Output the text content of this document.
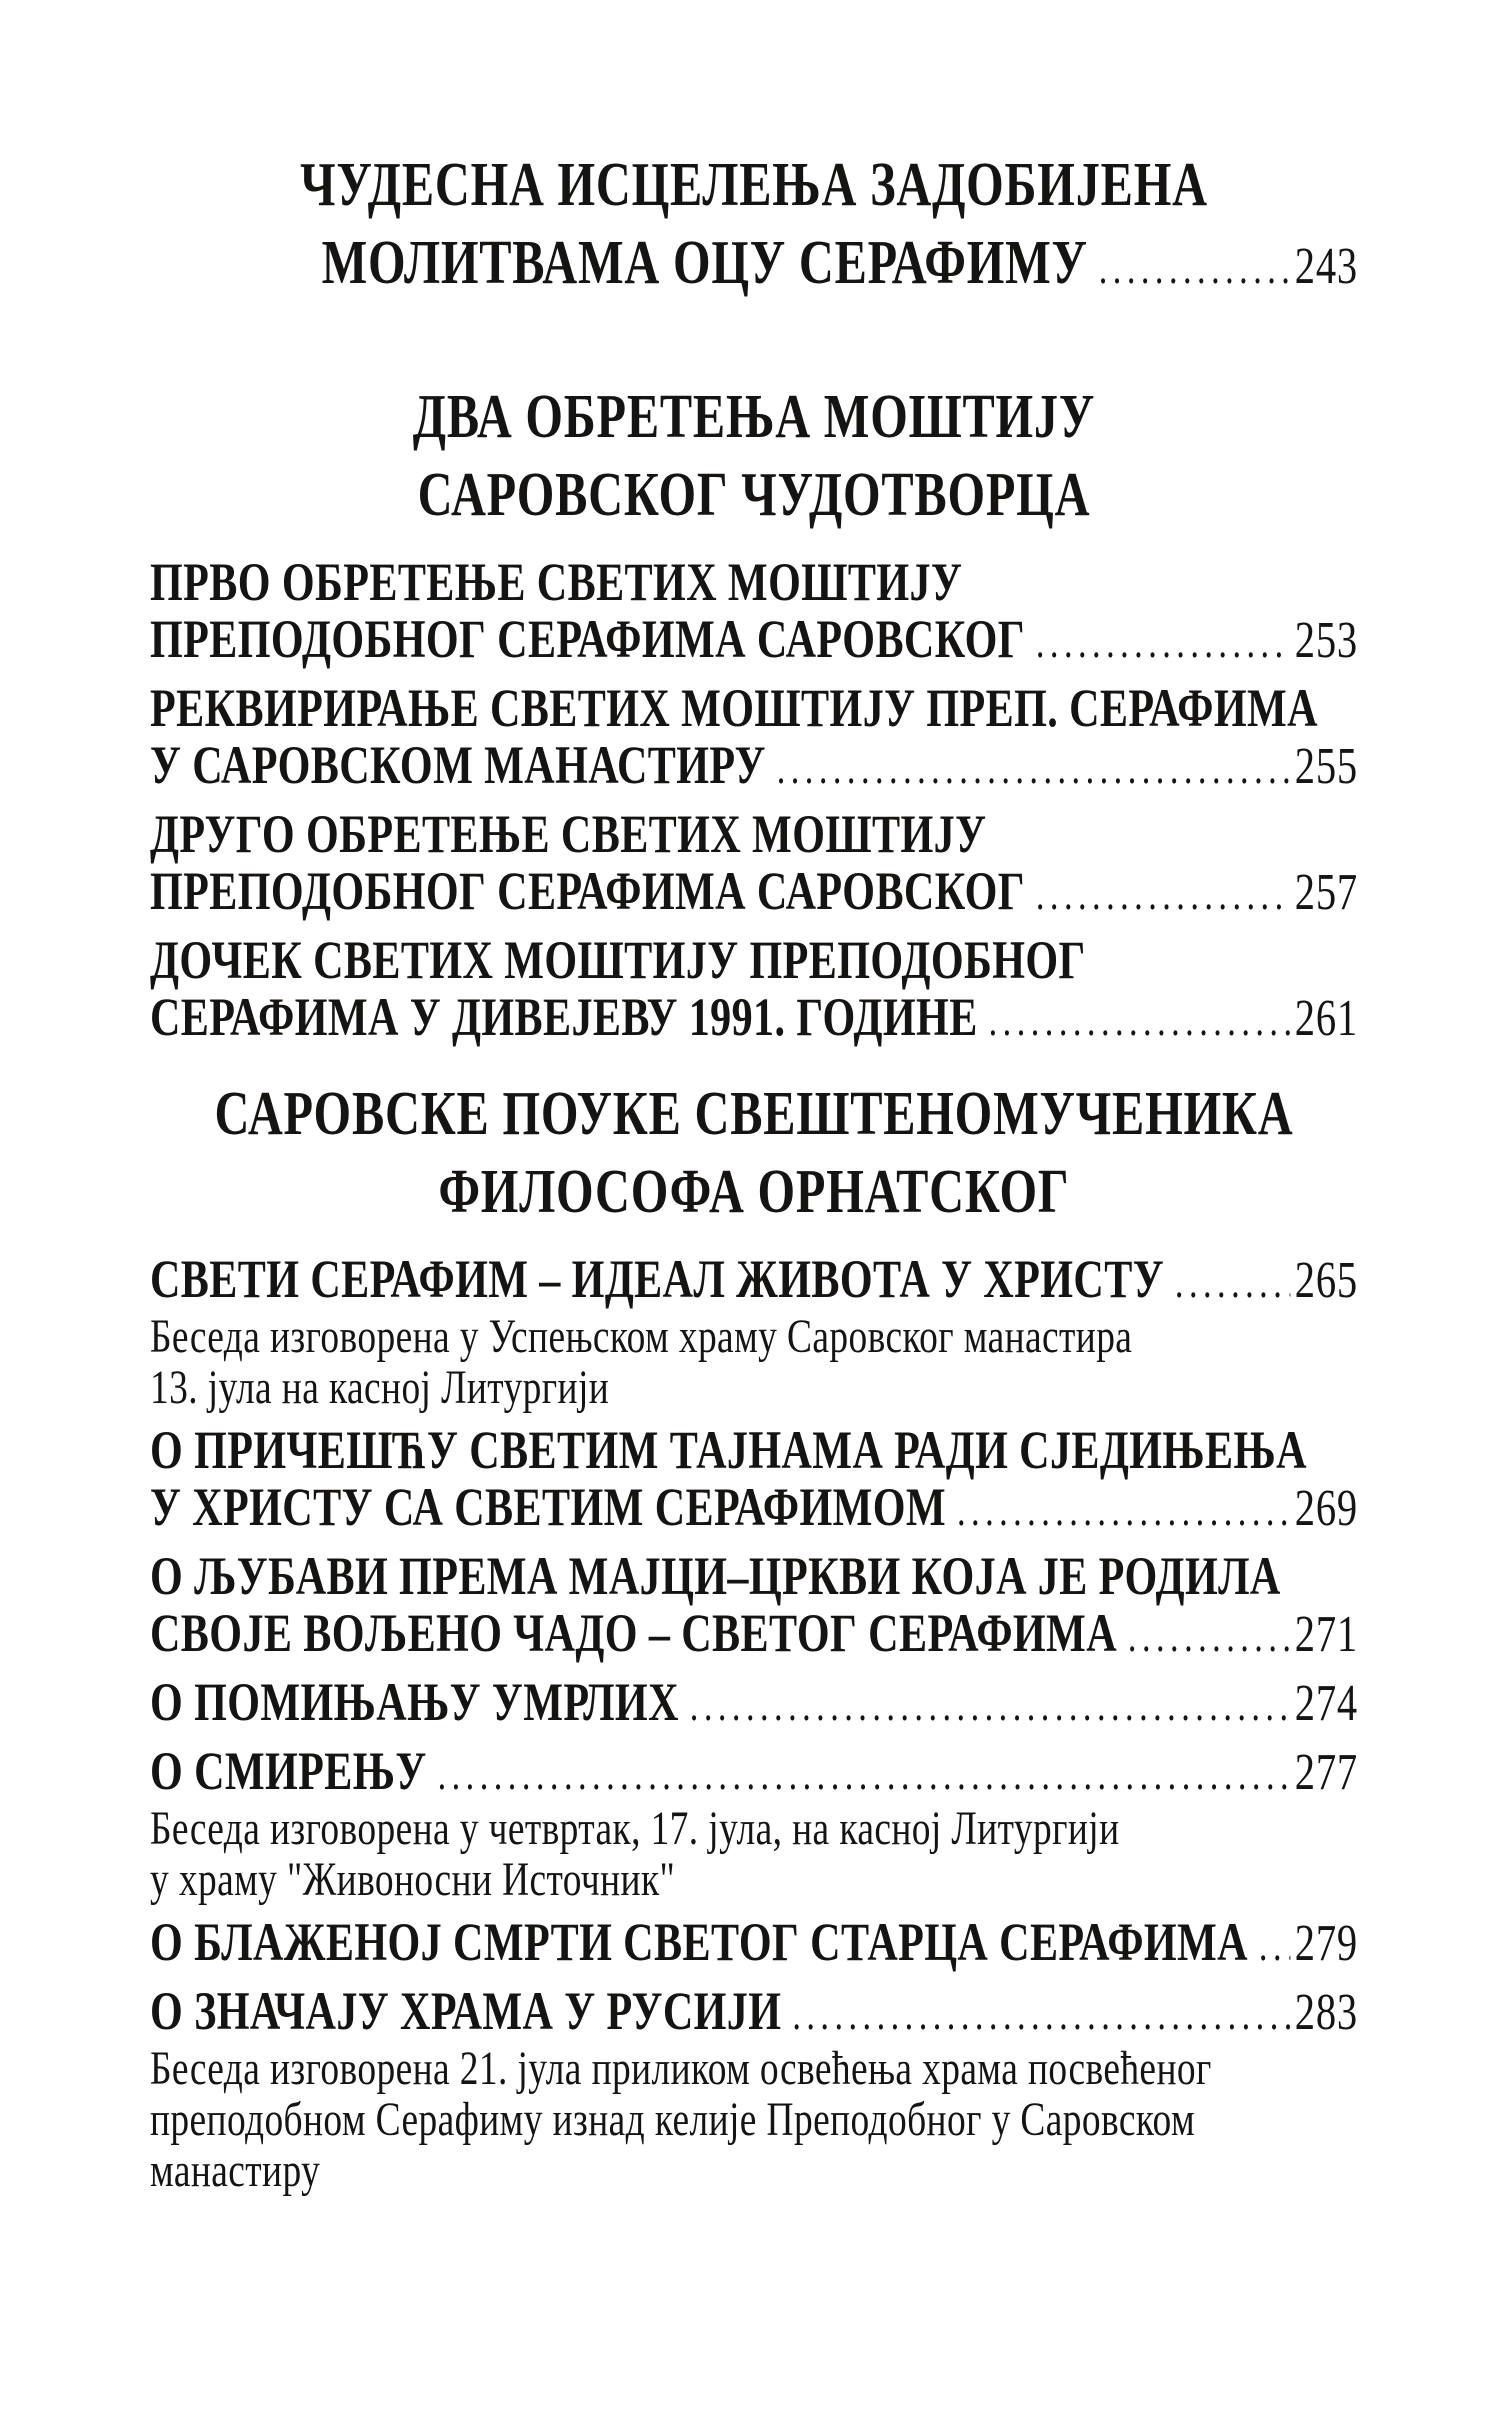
ЧУДЕСНА ИСЦЕЛЕЊА ЗАДОБИЈЕНА
МОЛИТВАМА ОЦУ СЕРАФИМУ .....	243
ДВА ОБРЕТЕЊА МОШТИЈУ
САРОВСКОГ ЧУДОТВОРЦА
ПРВО ОБРЕТЕЊЕ СВЕТИХ МОШТИЈУ
ПРЕПОДОБНОГ СЕРАФИМА САРОВСКОГ .....	253
РЕКВИРИРАЊЕ СВЕТИХ МОШТИЈУ ПРЕП. СЕРАФИМА
У САРОВСКОМ МАНАСТИРУ .....	255
ДРУГО ОБРЕТЕЊЕ СВЕТИХ МОШТИЈУ
ПРЕПОДОБНОГ СЕРАФИМА САРОВСКОГ .....	257
ДОЧЕК СВЕТИХ МОШТИЈУ ПРЕПОДОБНОГ
СЕРАФИМА У ДИВЕЈЕВУ 1991. ГОДИНЕ .....	261
САРОВСКЕ ПОУКЕ СВЕШТЕНОМУЧЕНИКА
ФИЛОСОФА ОРНАТСКОГ
СВЕТИ СЕРАФИМ – ИДЕАЛ ЖИВОТА У ХРИСТУ .....	265
Беседа изговорена у Успењском храму Саровског манастира
13. јула на касној Литургији
О ПРИЧЕШЋУ СВЕТИМ ТАЈНАМА РАДИ СЈЕДИЊЕЊА
У ХРИСТУ СА СВЕТИМ СЕРАФИМОМ .....	269
О ЉУБАВИ ПРЕМА МАЈЦИ–ЦРКВИ КОЈА ЈЕ РОДИЛА
СВОЈЕ ВОЉЕНО ЧАДО – СВЕТОГ СЕРАФИМА .....	271
О ПОМИЊАЊУ УМРЛИХ .....	274
О СМИРЕЊУ .....	277
Беседа изговорена у четвртак, 17. јула, на касној Литургији
у храму "Живоносни Источник"
О БЛАЖЕНОЈ СМРТИ СВЕТОГ СТАРЦА СЕРАФИМА ..... 279
О ЗНАЧАЈУ ХРАМА У РУСИЈИ .....	283
Беседа изговорена 21. јула приликом освећења храма посвећеног
преподобном Серафиму изнад келије Преподобног у Саровском
манастиру
